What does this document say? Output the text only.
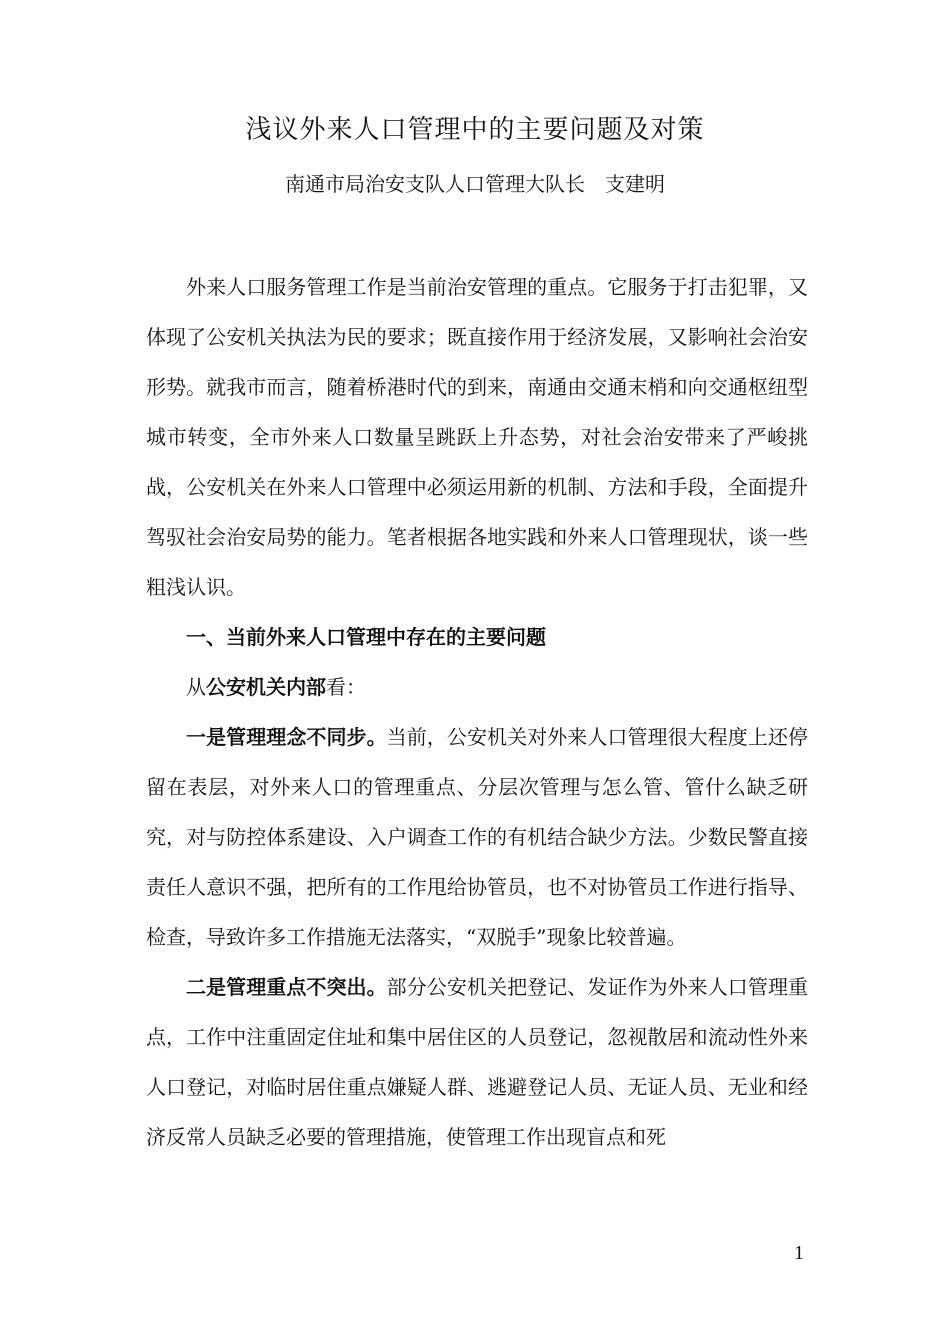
浅议外来人口管理中的主要问题及对策
南通市局治安支队人口管理大队长　支建明

外来人口服务管理工作是当前治安管理的重点。它服务于打击犯罪，又体现了公安机关执法为民的要求；既直接作用于经济发展，又影响社会治安形势。就我市而言，随着桥港时代的到来，南通由交通末梢和向交通枢纽型城市转变，全市外来人口数量呈跳跃上升态势，对社会治安带来了严峻挑战，公安机关在外来人口管理中必须运用新的机制、方法和手段，全面提升驾驭社会治安局势的能力。笔者根据各地实践和外来人口管理现状，谈一些粗浅认识。

一、当前外来人口管理中存在的主要问题

从公安机关内部看：

一是管理理念不同步。当前，公安机关对外来人口管理很大程度上还停留在表层，对外来人口的管理重点、分层次管理与怎么管、管什么缺乏研究，对与防控体系建设、入户调查工作的有机结合缺少方法。少数民警直接责任人意识不强，把所有的工作甩给协管员，也不对协管员工作进行指导、检查，导致许多工作措施无法落实，“双脱手”现象比较普遍。

二是管理重点不突出。部分公安机关把登记、发证作为外来人口管理重点，工作中注重固定住址和集中居住区的人员登记，忽视散居和流动性外来人口登记，对临时居住重点嫌疑人群、逃避登记人员、无证人员、无业和经济反常人员缺乏必要的管理措施，使管理工作出现盲点和死

1
